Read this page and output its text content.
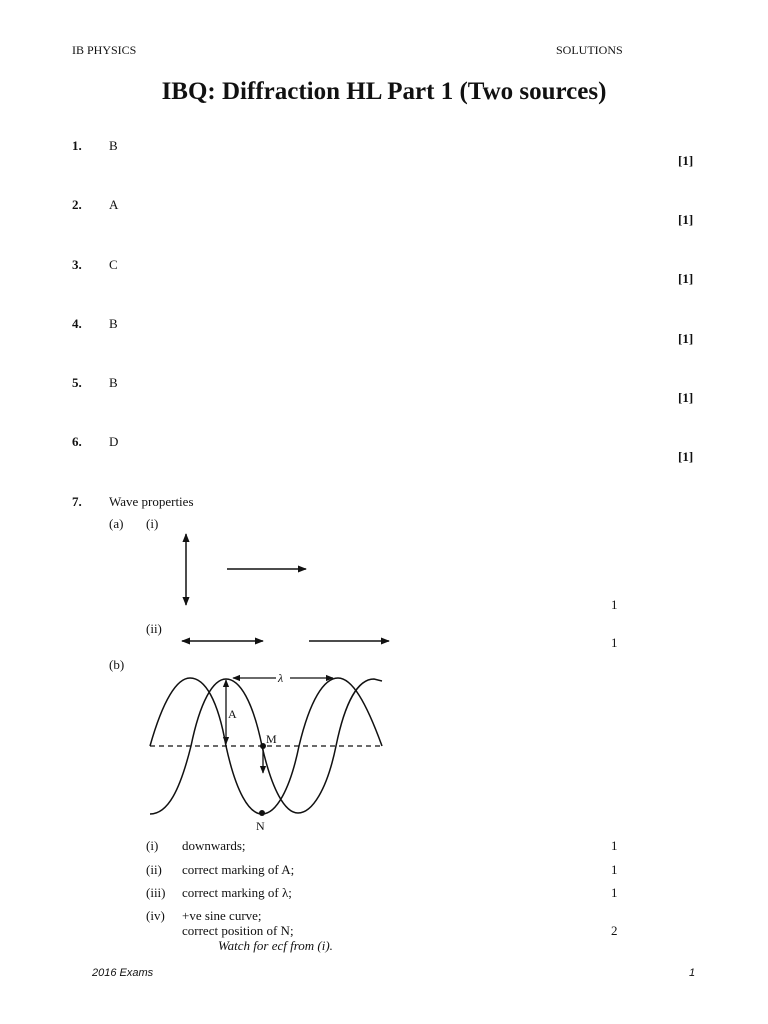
IB PHYSICS	SOLUTIONS
IBQ: Diffraction HL Part 1 (Two sources)
1. B
[1]
2. A
[1]
3. C
[1]
4. B
[1]
5. B
[1]
6. D
[1]
7. Wave properties
(a) (i)
1
(ii)
1
(b)
λ
A
M
N
(i) downwards;	1
(ii) correct marking of A;	1
(iii) correct marking of λ;	1
(iv) +ve sine curve;
correct position of N;	2
Watch for ecf from (i).
2016 Exams	1
